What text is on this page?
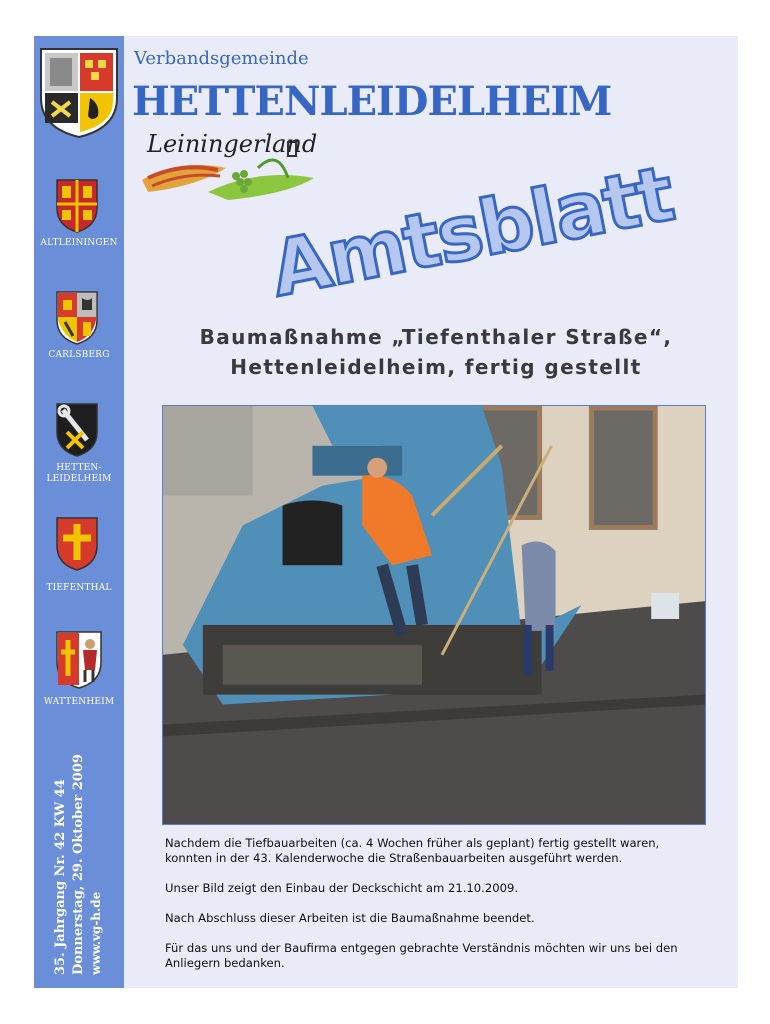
ALTLEININGEN
CARLSBERG
HETTEN-
LEIDELHEIM
TIEFENTHAL
WATTENHEIM
35. Jahrgang Nr. 42 KW 44 Donnerstag, 29. Oktober 2009 www.vg-h.de
Verbandsgemeinde
HETTENLEIDELHEIM
Leiningerland
Amtsblatt
Baumaßnahme „Tiefenthaler Straße“,
Hettenleidelheim, fertig gestellt

Nachdem die Tiefbauarbeiten (ca. 4 Wochen früher als geplant) fertig gestellt waren, konnten in der 43. Kalenderwoche die Straßenbauarbeiten ausgeführt werden.

Unser Bild zeigt den Einbau der Deckschicht am 21.10.2009.

Nach Abschluss dieser Arbeiten ist die Baumaßnahme beendet.

Für das uns und der Baufirma entgegen gebrachte Verständnis möchten wir uns bei den Anliegern bedanken.
